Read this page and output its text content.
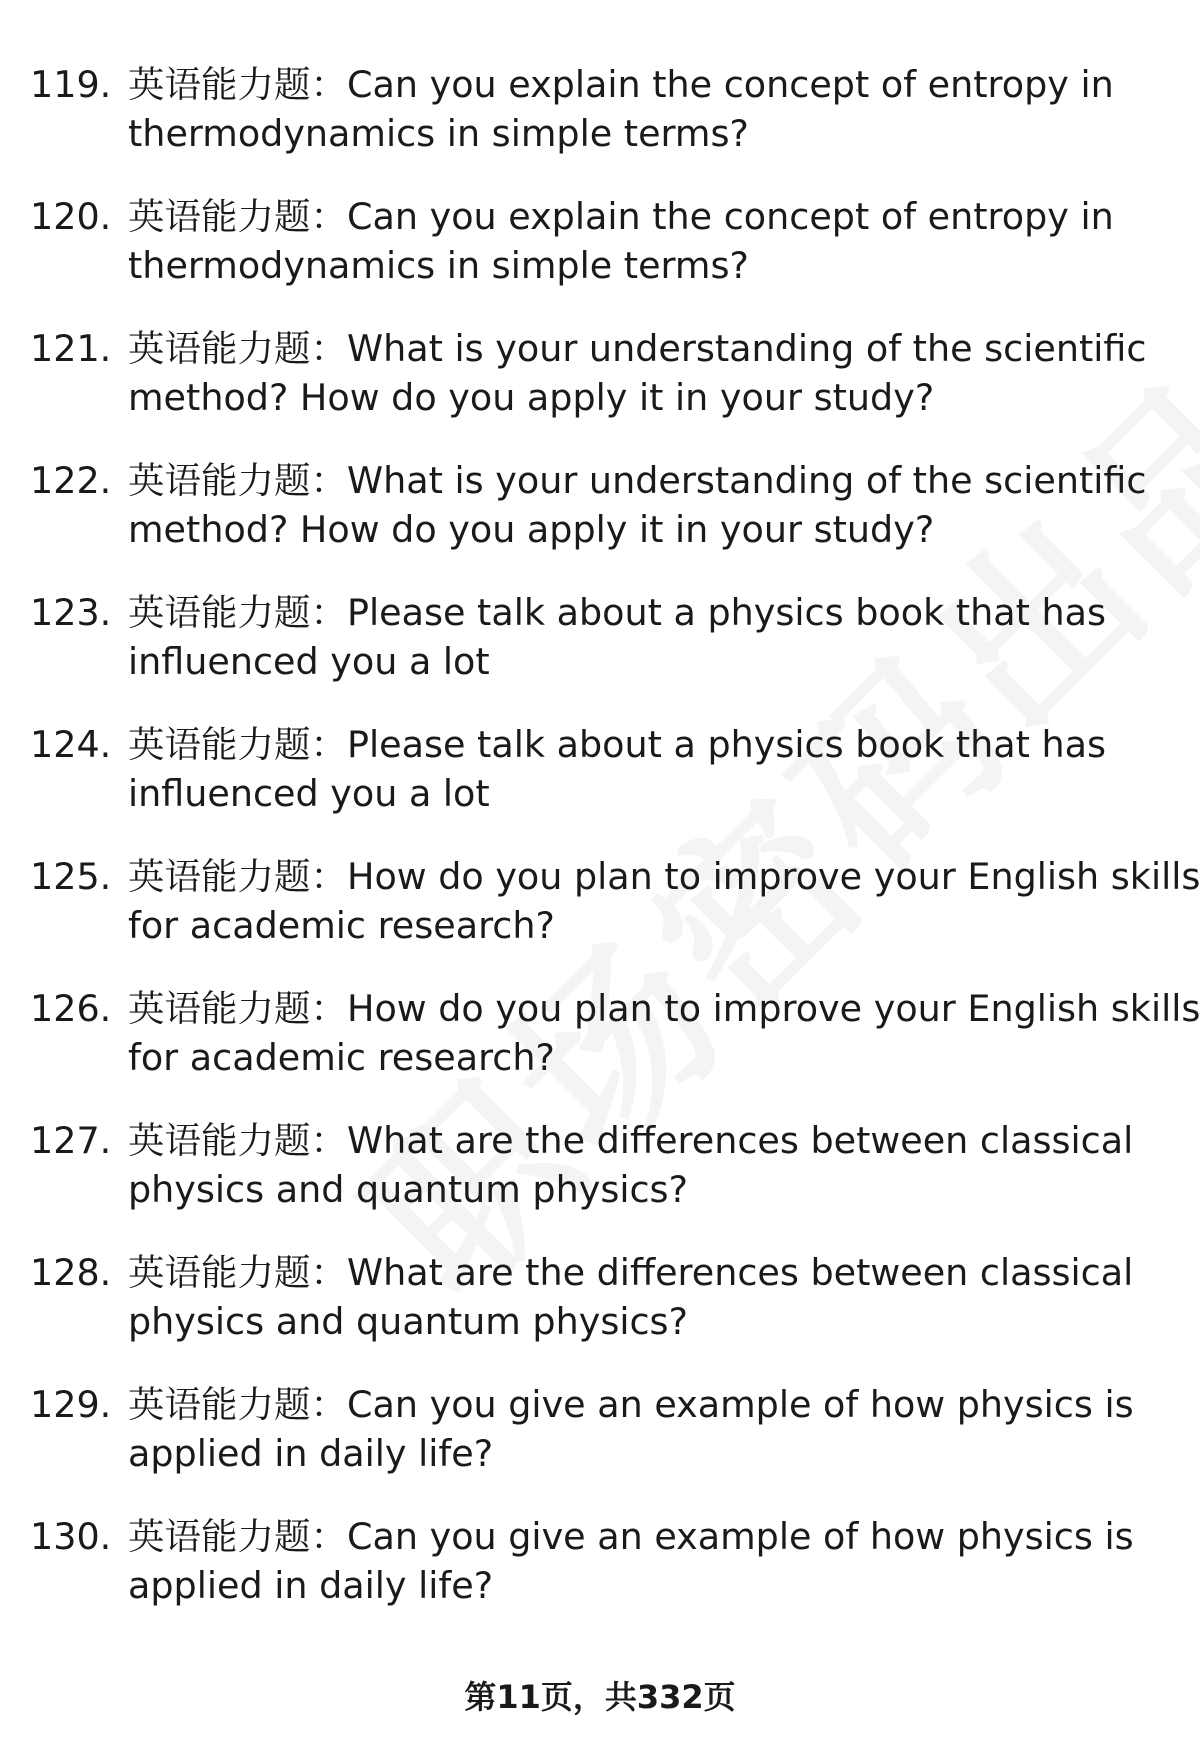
119. 英语能力题：Can you explain the concept of entropy in
thermodynamics in simple terms?
120. 英语能力题：Can you explain the concept of entropy in
thermodynamics in simple terms?
121. 英语能力题：What is your understanding of the scientific
method? How do you apply it in your study?
122. 英语能力题：What is your understanding of the scientific
method? How do you apply it in your study?
123. 英语能力题：Please talk about a physics book that has
influenced you a lot
124. 英语能力题：Please talk about a physics book that has
influenced you a lot
125. 英语能力题：How do you plan to improve your English skills
for academic research?
126. 英语能力题：How do you plan to improve your English skills
for academic research?
127. 英语能力题：What are the differences between classical
physics and quantum physics?
128. 英语能力题：What are the differences between classical
physics and quantum physics?
129. 英语能力题：Can you give an example of how physics is
applied in daily life?
130. 英语能力题：Can you give an example of how physics is
applied in daily life?
第11页，共332页
